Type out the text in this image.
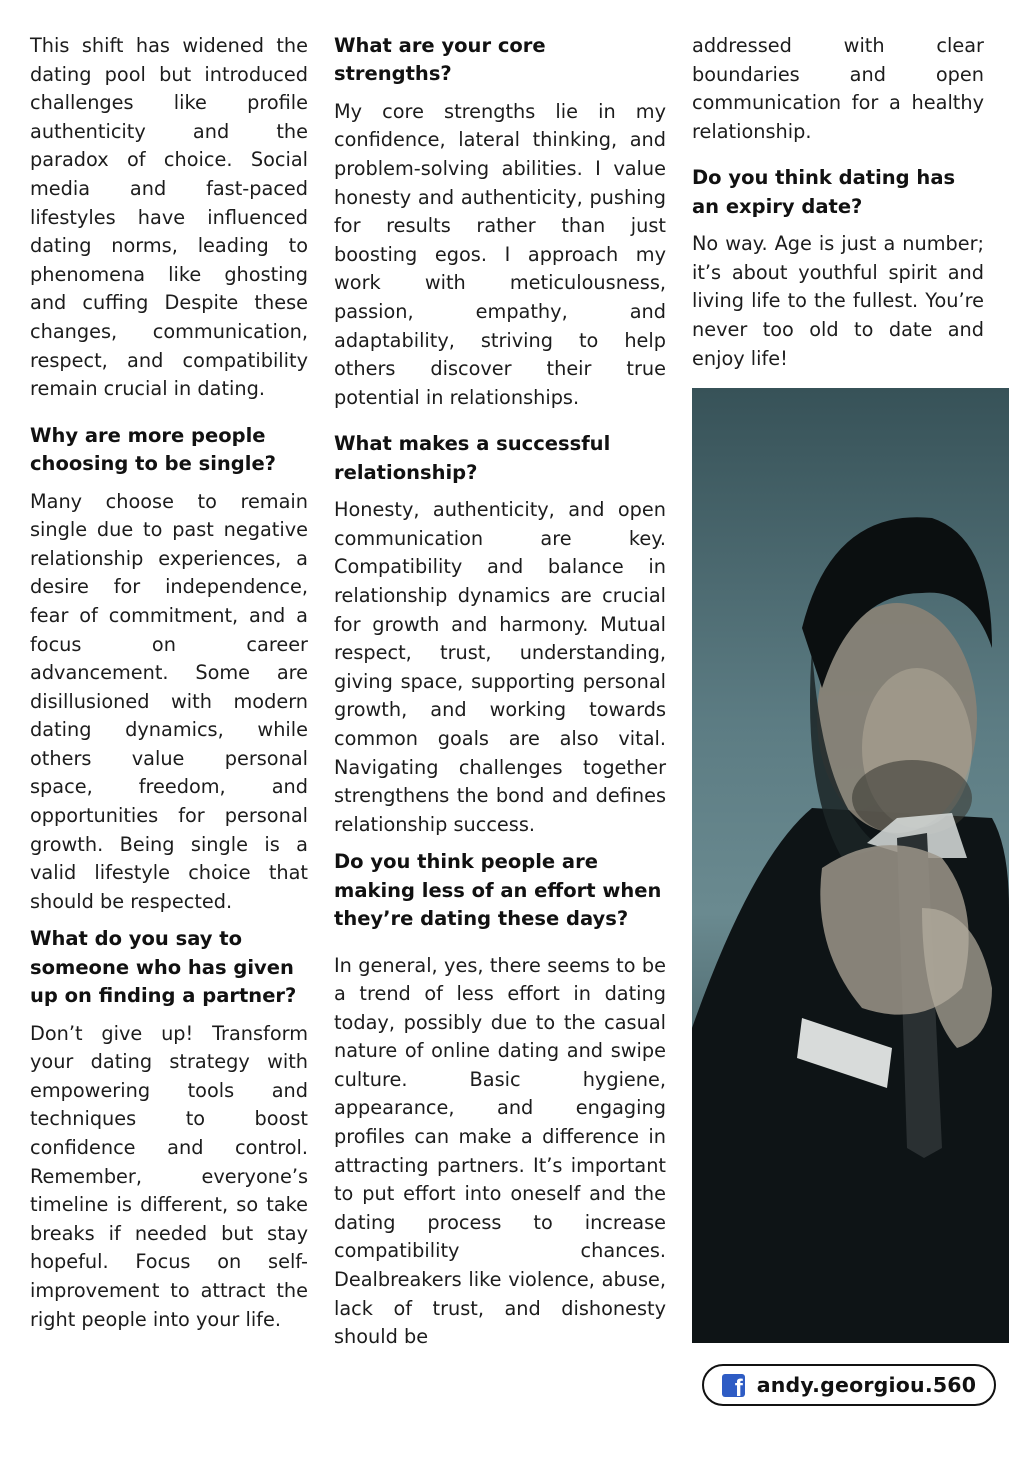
This shift has widened the dating pool but introduced challenges like profile authenticity and the paradox of choice. Social media and fast-paced lifestyles have influenced dating norms, leading to phenomena like ghosting and cuffing Despite these changes, communication, respect, and compatibility remain crucial in dating.

Why are more people choosing to be single?

Many choose to remain single due to past negative relationship experiences, a desire for independence, fear of commitment, and a focus on career advancement. Some are disillusioned with modern dating dynamics, while others value personal space, freedom, and opportunities for personal growth. Being single is a valid lifestyle choice that should be respected.

What do you say to someone who has given up on finding a partner?

Don’t give up! Transform your dating strategy with empowering tools and techniques to boost confidence and control. Remember, everyone’s timeline is different, so take breaks if needed but stay hopeful. Focus on self-improvement to attract the right people into your life.

What are your core strengths?

My core strengths lie in my confidence, lateral thinking, and problem-solving abilities. I value honesty and authenticity, pushing for results rather than just boosting egos. I approach my work with meticulousness, passion, empathy, and adaptability, striving to help others discover their true potential in relationships.

What makes a successful relationship?

Honesty, authenticity, and open communication are key. Compatibility and balance in relationship dynamics are crucial for growth and harmony. Mutual respect, trust, understanding, giving space, supporting personal growth, and working towards common goals are also vital. Navigating challenges together strengthens the bond and defines relationship success.

Do you think people are making less of an effort when they’re dating these days?

In general, yes, there seems to be a trend of less effort in dating today, possibly due to the casual nature of online dating and swipe culture. Basic hygiene, appearance, and engaging profiles can make a difference in attracting partners. It’s important to put effort into oneself and the dating process to increase compatibility chances. Dealbreakers like violence, abuse, lack of trust, and dishonesty should be

addressed with clear boundaries and open communication for a healthy relationship.

Do you think dating has an expiry date?

No way. Age is just a number; it’s about youthful spirit and living life to the fullest. You’re never too old to date and enjoy life!

f andy.georgiou.560
